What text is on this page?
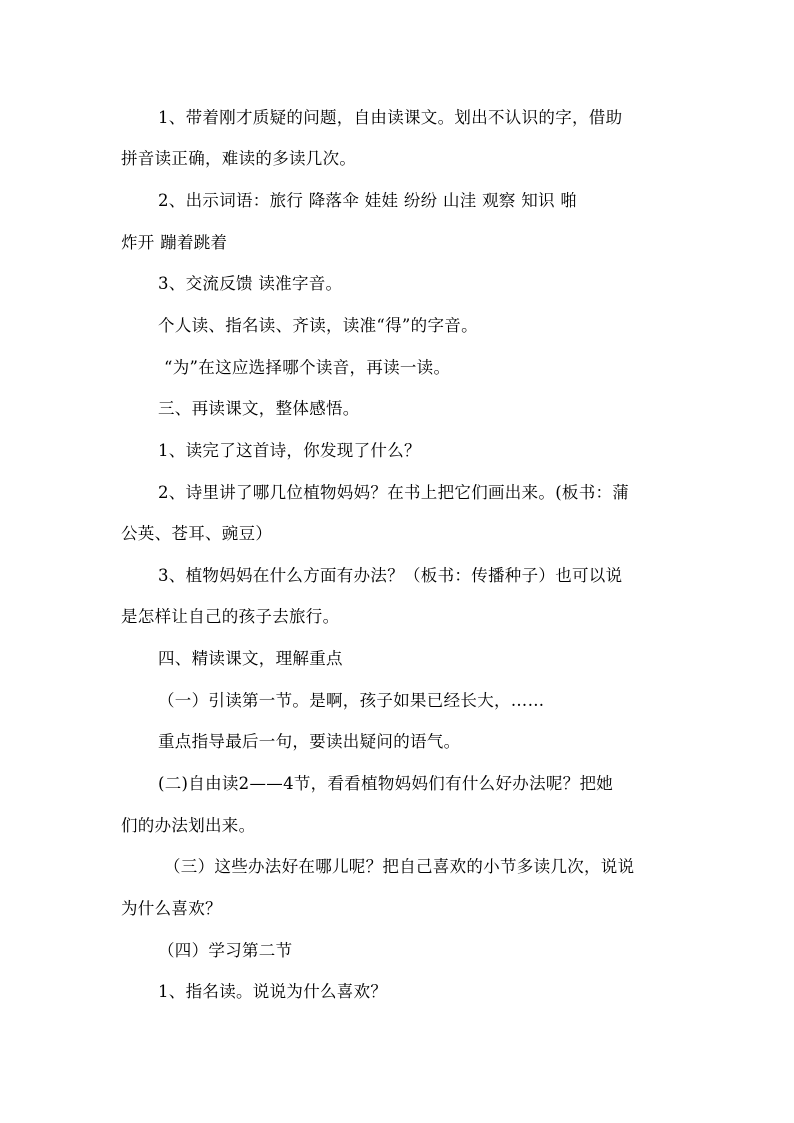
1、带着刚才质疑的问题，自由读课文。划出不认识的字，借助
拼音读正确，难读的多读几次。
2、出示词语：旅行 降落伞 娃娃 纷纷 山洼 观察 知识 啪
炸开 蹦着跳着
3、交流反馈 读准字音。
个人读、指名读、齐读，读准“得”的字音。
“为”在这应选择哪个读音，再读一读。
三、再读课文，整体感悟。
1、读完了这首诗，你发现了什么？
2、诗里讲了哪几位植物妈妈？在书上把它们画出来。(板书：蒲
公英、苍耳、豌豆）
3、植物妈妈在什么方面有办法？（板书：传播种子）也可以说
是怎样让自己的孩子去旅行。
四、精读课文，理解重点
（一）引读第一节。是啊，孩子如果已经长大，……
重点指导最后一句，要读出疑问的语气。
(二)自由读2——4节，看看植物妈妈们有什么好办法呢？把她
们的办法划出来。
（三）这些办法好在哪儿呢？把自己喜欢的小节多读几次，说说
为什么喜欢？
（四）学习第二节
1、指名读。说说为什么喜欢？
